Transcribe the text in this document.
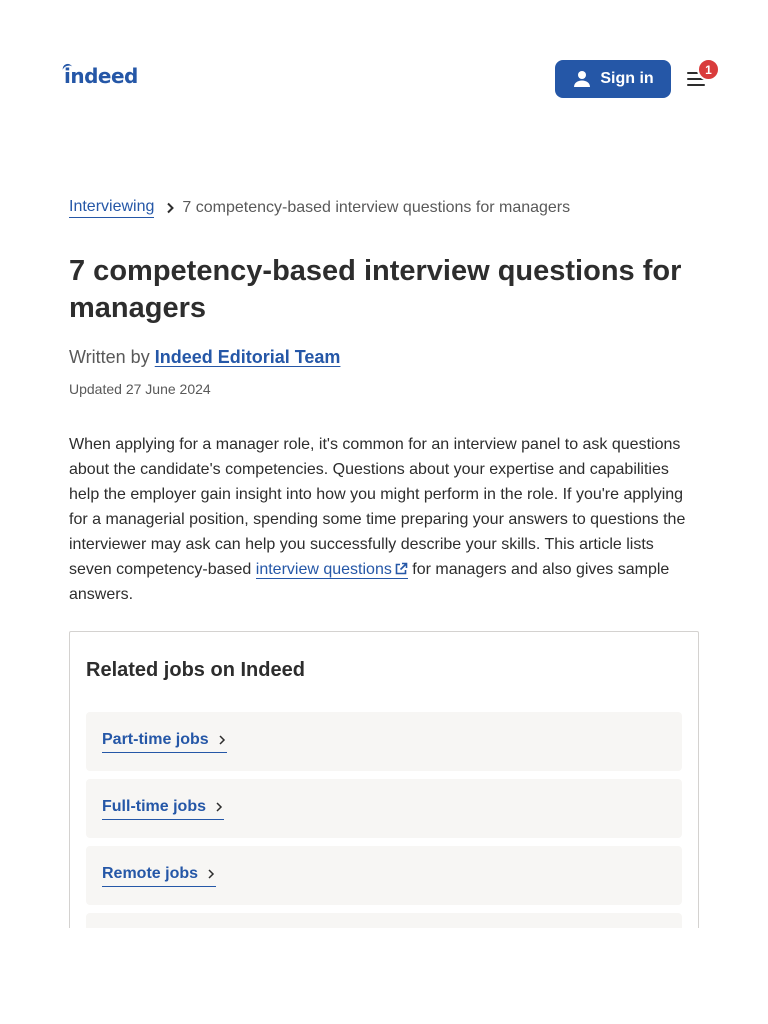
indeed	Sign in
1
Interviewing 7 competency-based interview questions for managers
7 competency-based interview questions for managers
Written by Indeed Editorial Team
Updated 27 June 2024

When applying for a manager role, it's common for an interview panel to ask questions about the candidate's competencies. Questions about your expertise and capabilities help the employer gain insight into how you might perform in the role. If you're applying for a managerial position, spending some time preparing your answers to questions the interviewer may ask can help you successfully describe your skills. This article lists seven competency-based interview questions for managers and also gives sample answers.

Related jobs on Indeed
Part-time jobs
Full-time jobs
Remote jobs
